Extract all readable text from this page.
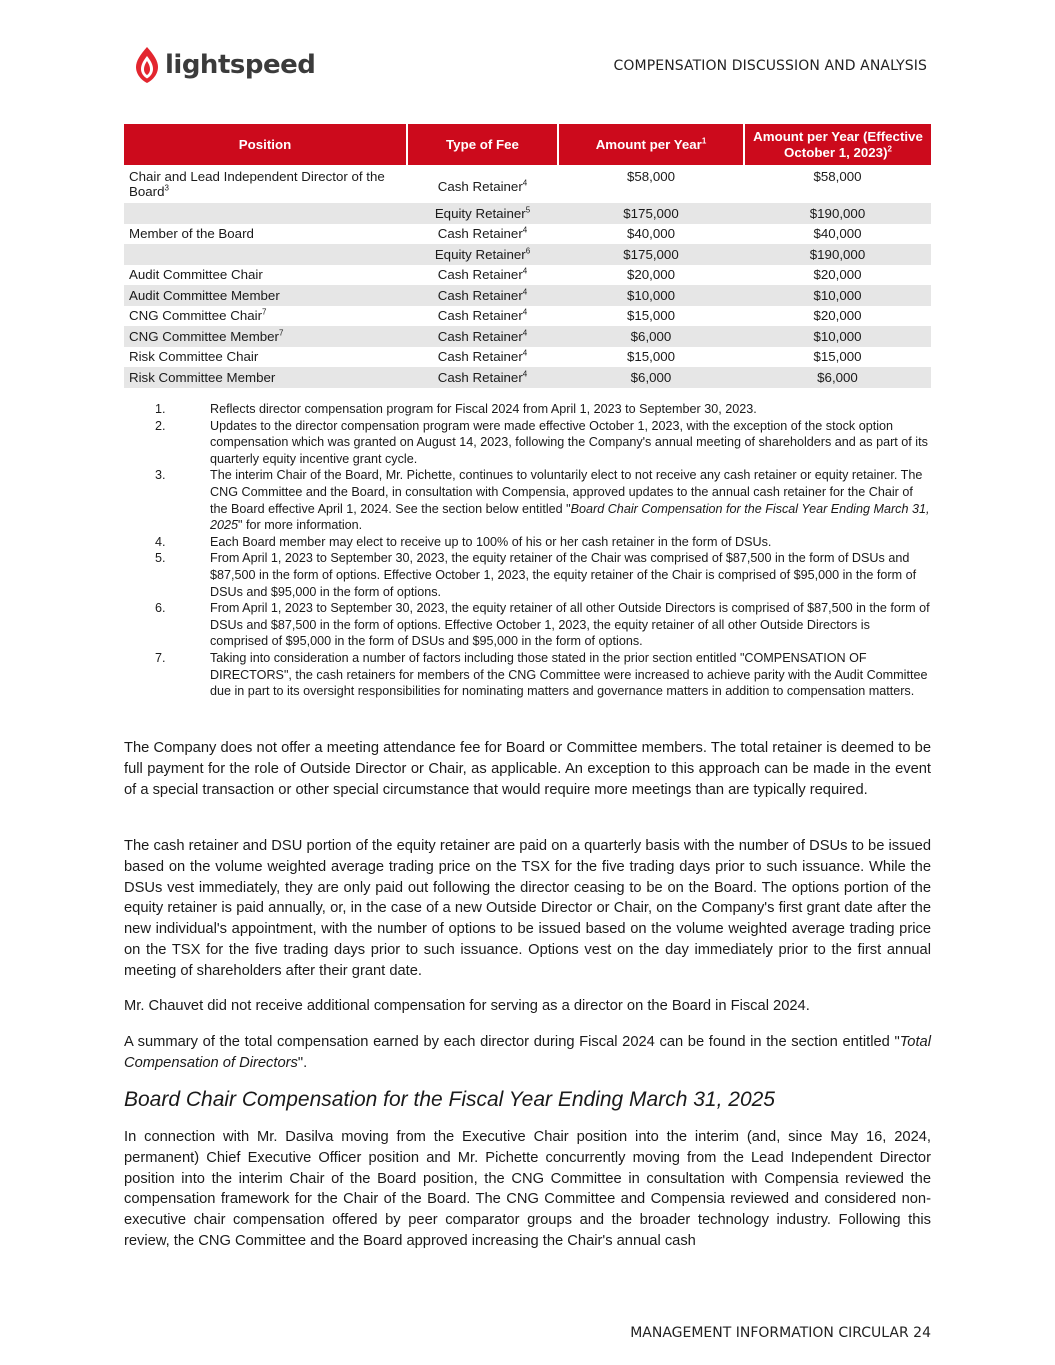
lightspeed	COMPENSATION DISCUSSION AND ANALYSIS
Position	Type of Fee	Amount per Year$^1$	Amount per Year (Effective October 1, 2023)$^2$
Chair and Lead Independent Director of the Board$^3$	Cash Retainer$^4$	$58,000	$58,000
	Equity Retainer$^5$	$175,000	$190,000
Member of the Board	Cash Retainer$^4$	$40,000	$40,000
	Equity Retainer$^6$	$175,000	$190,000
Audit Committee Chair	Cash Retainer$^4$	$20,000	$20,000
Audit Committee Member	Cash Retainer$^4$	$10,000	$10,000
CNG Committee Chair$^7$	Cash Retainer$^4$	$15,000	$20,000
CNG Committee Member$^7$	Cash Retainer$^4$	$6,000	$10,000
Risk Committee Chair	Cash Retainer$^4$	$15,000	$15,000
Risk Committee Member	Cash Retainer$^4$	$6,000	$6,000
1.	Reflects director compensation program for Fiscal 2024 from April 1, 2023 to September 30, 2023.
2.	Updates to the director compensation program were made effective October 1, 2023, with the exception of the stock option compensation which was granted on August 14, 2023, following the Company's annual meeting of shareholders and as part of its quarterly equity incentive grant cycle.
3.	The interim Chair of the Board, Mr. Pichette, continues to voluntarily elect to not receive any cash retainer or equity retainer. The CNG Committee and the Board, in consultation with Compensia, approved updates to the annual cash retainer for the Chair of the Board effective April 1, 2024. See the section below entitled "Board Chair Compensation for the Fiscal Year Ending March 31, 2025" for more information.
4.	Each Board member may elect to receive up to 100% of his or her cash retainer in the form of DSUs.
5.	From April 1, 2023 to September 30, 2023, the equity retainer of the Chair was comprised of $87,500 in the form of DSUs and $87,500 in the form of options. Effective October 1, 2023, the equity retainer of the Chair is comprised of $95,000 in the form of DSUs and $95,000 in the form of options.
6.	From April 1, 2023 to September 30, 2023, the equity retainer of all other Outside Directors is comprised of $87,500 in the form of DSUs and $87,500 in the form of options. Effective October 1, 2023, the equity retainer of all other Outside Directors is comprised of $95,000 in the form of DSUs and $95,000 in the form of options.
7.	Taking into consideration a number of factors including those stated in the prior section entitled "COMPENSATION OF DIRECTORS", the cash retainers for members of the CNG Committee were increased to achieve parity with the Audit Committee due in part to its oversight responsibilities for nominating matters and governance matters in addition to compensation matters.

The Company does not offer a meeting attendance fee for Board or Committee members. The total retainer is deemed to be full payment for the role of Outside Director or Chair, as applicable. An exception to this approach can be made in the event of a special transaction or other special circumstance that would require more meetings than are typically required.

The cash retainer and DSU portion of the equity retainer are paid on a quarterly basis with the number of DSUs to be issued based on the volume weighted average trading price on the TSX for the five trading days prior to such issuance. While the DSUs vest immediately, they are only paid out following the director ceasing to be on the Board. The options portion of the equity retainer is paid annually, or, in the case of a new Outside Director or Chair, on the Company's first grant date after the new individual's appointment, with the number of options to be issued based on the volume weighted average trading price on the TSX for the five trading days prior to such issuance. Options vest on the day immediately prior to the first annual meeting of shareholders after their grant date.

Mr. Chauvet did not receive additional compensation for serving as a director on the Board in Fiscal 2024.

A summary of the total compensation earned by each director during Fiscal 2024 can be found in the section entitled "Total Compensation of Directors".

Board Chair Compensation for the Fiscal Year Ending March 31, 2025

In connection with Mr. Dasilva moving from the Executive Chair position into the interim (and, since May 16, 2024, permanent) Chief Executive Officer position and Mr. Pichette concurrently moving from the Lead Independent Director position into the interim Chair of the Board position, the CNG Committee in consultation with Compensia reviewed the compensation framework for the Chair of the Board. The CNG Committee and Compensia reviewed and considered non-executive chair compensation offered by peer comparator groups and the broader technology industry. Following this review, the CNG Committee and the Board approved increasing the Chair's annual cash

MANAGEMENT INFORMATION CIRCULAR 24
